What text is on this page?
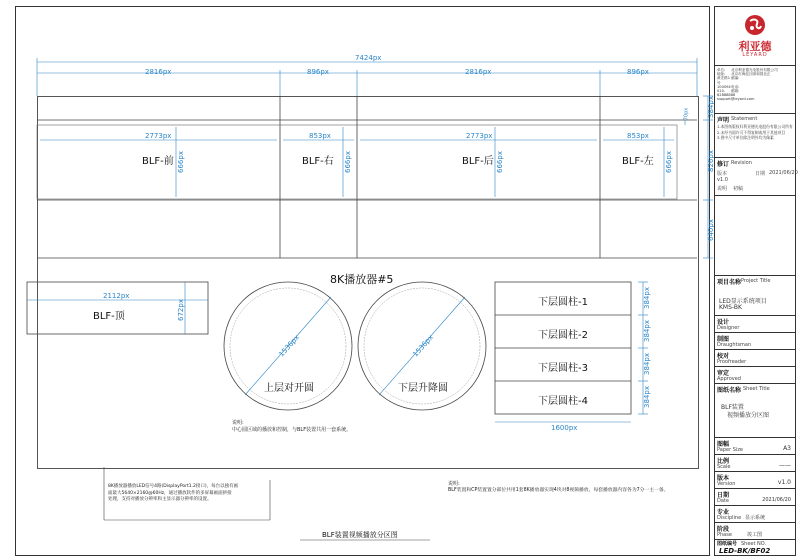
7424px
2816px	896px	2816px	896px
2773px	853px	2773px	853px
384px
826px
640px
70px
666px	666px	666px	666px
BLF-前	BLF-右	BLF-后	BLF-左
2112px
672px
BLF-顶
8K播放器#5
1536px	1536px
上层对开圆	下层升降圆
下层圆柱-1
下层圆柱-2
下层圆柱-3
下层圆柱-4
1600px
384px
384px
384px
384px
说明:
中心圆区域的播放和控制，与BLF装置共用一套系统。
8K播放器播放LED信号4路(DisplayPort1.2接口)，每台以独有画
面最大5640×2160@60Hz，通过播放软件的多屏幕画面拼接
处理，支持对播放分辨率和主显示器分辨率的设置。
说明:
BLF装置和CP装置置分部位共用1套8K播放器实现4块对8视频播放，每套播放器内容各为7分一主一备。
BLF装置视频播放分区图
利亚德
LEYARD
单位:	北京利亚德光电股份有限公司
地址:	北京市海淀区颐和园北正
黄庄路1号
邮编:
100094 电话:
010-62888888
邮箱:
support@leyard.com
声明 Statement
1.本图纸版权归利亚德光电股份有限公司所有
2.未经书面许可不得复制或用于其他项目
3.图中尺寸单位除注明外均为像素
修订 Revision
版本
v1.0
日期 2021/06/20
说明 初稿
项目名称 Project Title
LED显示系统项目
KMS-BK
设计
Designer
制图
Draughtsman
校对
Proofreader
审定
Approved
图纸名称 Sheet Title
BLF装置
视频播放分区图
图幅
Paper Size	A3
比例
Scale	——
版本
Version	v1.0
日期
Date	2021/06/20
专业
Discipline 显示系统
阶段
Phase	竣工图
图纸编号 Sheet NO.
LED-BK/BF02
